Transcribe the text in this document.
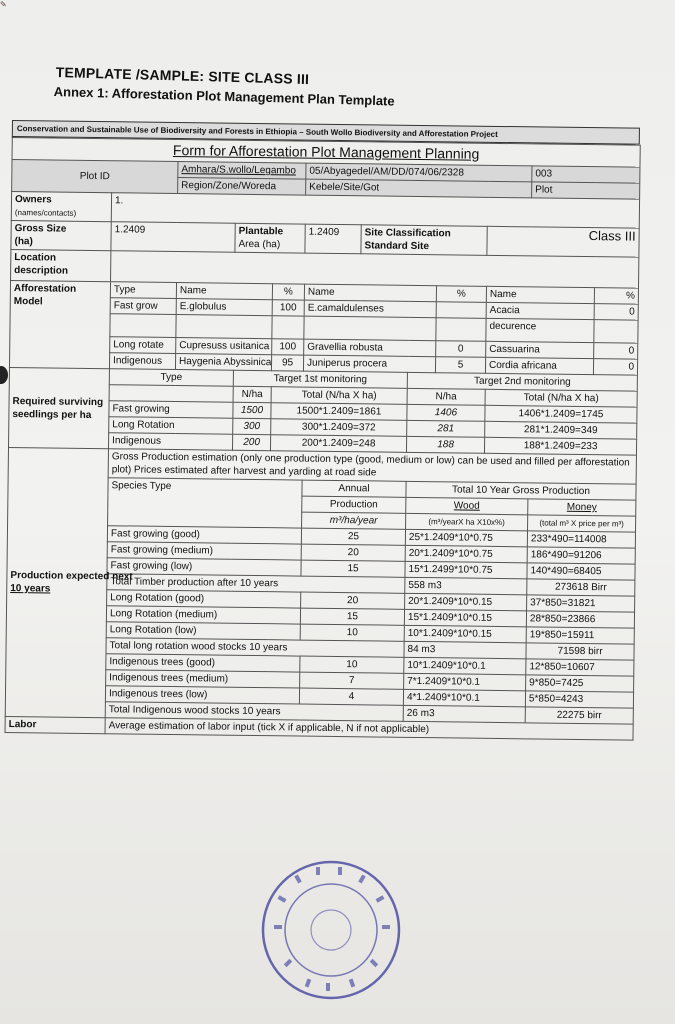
✎
TEMPLATE /SAMPLE: SITE CLASS III
Annex 1: Afforestation Plot Management Plan Template
Conservation and Sustainable Use of Biodiversity and Forests in Ethiopia – South Wollo Biodiversity and Afforestation Project
Form for Afforestation Plot Management Planning											
Plot ID		Amhara/S.wollo/Legambo			05/Abyagedel/AM/DD/074/06/2328					003	
		Region/Zone/Woreda			Kebele/Site/Got					Plot	
Owners
(names/contacts)	1.										
Gross Size
(ha)	1.2409		Plantable
Area (ha)		1.2409	Site Classification
Standard Site			Class III		
Location
description											
Afforestation
Model	Type	Name		%	Name			%	Name		%
	Fast grow	E.globulus		100	E.camaldulenses				Acacia		0
									decurence		
	Long rotate	Cupresuss usitanica		100	Gravellia robusta			0	Cassuarina		0
	Indigenous	Haygenia Abyssinica		95	Juniperus procera			5	Cordia africana		0
Required surviving seedlings per ha	Type		Target 1st monitoring				Target 2nd monitoring				
			N/ha	Total (N/ha X ha)			N/ha		Total (N/ha X ha)		
	Fast growing		1500	1500*1.2409=1861			1406		1406*1.2409=1745		
	Long Rotation		300	300*1.2409=372			281		281*1.2409=349		
	Indigenous		200	200*1.2409=248			188		188*1.2409=233		
Production expected next
10 years	Gross Production estimation (only one production type (good, medium or low) can be used and filled per afforestation plot) Prices estimated after harvest and yarding at road side										
	Species Type				Annual		Total 10 Year Gross Production				
					Production		Wood			Money	
					m³/ha/year		(m³/yearX ha X10x%)			(total m³ X price per m³)	
	Fast growing (good)				25		25*1.2409*10*0.75			233*490=114008	
	Fast growing (medium)				20		20*1.2409*10*0.75			186*490=91206	
	Fast growing (low)				15		15*1.2499*10*0.75			140*490=68405	
	Total Timber production after 10 years						558 m3			273618 Birr	
	Long Rotation (good)				20		20*1.2409*10*0.15			37*850=31821	
	Long Rotation (medium)				15		15*1.2409*10*0.15			28*850=23866	
	Long Rotation (low)				10		10*1.2409*10*0.15			19*850=15911	
	Total long rotation wood stocks 10 years						84 m3			71598 birr	
	Indigenous trees (good)				10		10*1.2409*10*0.1			12*850=10607	
	Indigenous trees (medium)				7		7*1.2409*10*0.1			9*850=7425	
	Indigenous trees (low)				4		4*1.2409*10*0.1			5*850=4243	
	Total Indigenous wood stocks 10 years						26 m3			22275 birr	
Labor	Average estimation of labor input (tick X if applicable, N if not applicable)										
